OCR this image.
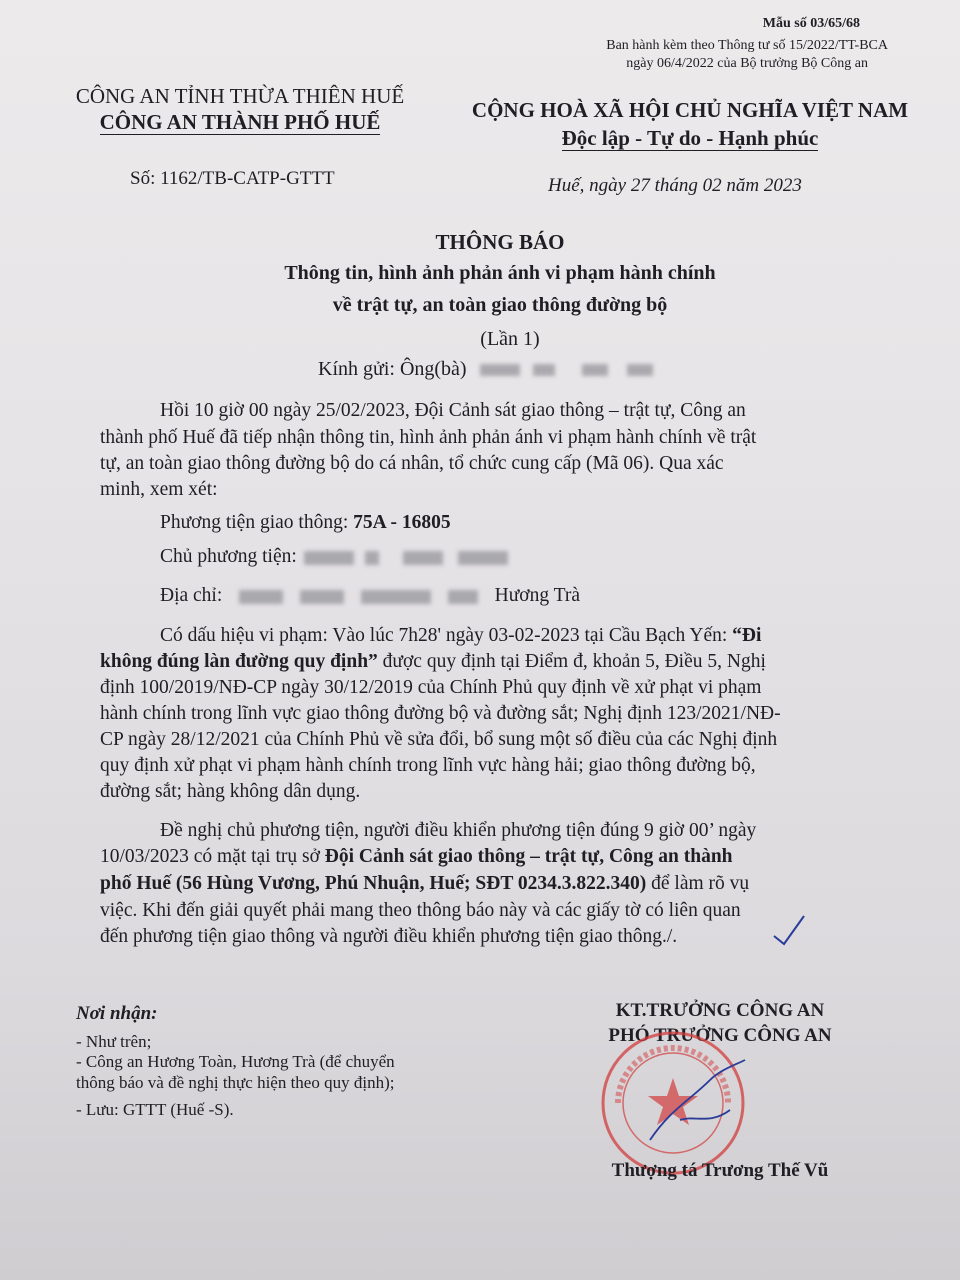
Mẫu số 03/65/68
Ban hành kèm theo Thông tư số 15/2022/TT-BCA
ngày 06/4/2022 của Bộ trưởng Bộ Công an
CÔNG AN TỈNH THỪA THIÊN HUẾ
CÔNG AN THÀNH PHỐ HUẾ	CỘNG HOÀ XÃ HỘI CHỦ NGHĨA VIỆT NAM
Độc lập - Tự do - Hạnh phúc
Số: 1162/TB-CATP-GTTT	Huế, ngày 27 tháng 02 năm 2023
THÔNG BÁO
Thông tin, hình ảnh phản ánh vi phạm hành chính
về trật tự, an toàn giao thông đường bộ
(Lần 1)
Kính gửi: Ông(bà)
Hồi 10 giờ 00 ngày 25/02/2023, Đội Cảnh sát giao thông – trật tự, Công an
thành phố Huế đã tiếp nhận thông tin, hình ảnh phản ánh vi phạm hành chính về trật
tự, an toàn giao thông đường bộ do cá nhân, tổ chức cung cấp (Mã 06). Qua xác
minh, xem xét:
Phương tiện giao thông: 75A - 16805
Chủ phương tiện:
Địa chỉ:	Hương Trà
Có dấu hiệu vi phạm: Vào lúc 7h28' ngày 03-02-2023 tại Cầu Bạch Yến: “Đi
không đúng làn đường quy định” được quy định tại Điểm đ, khoản 5, Điều 5, Nghị
định 100/2019/NĐ-CP ngày 30/12/2019 của Chính Phủ quy định về xử phạt vi phạm
hành chính trong lĩnh vực giao thông đường bộ và đường sắt; Nghị định 123/2021/NĐ-
CP ngày 28/12/2021 của Chính Phủ về sửa đổi, bổ sung một số điều của các Nghị định
quy định xử phạt vi phạm hành chính trong lĩnh vực hàng hải; giao thông đường bộ,
đường sắt; hàng không dân dụng.
Đề nghị chủ phương tiện, người điều khiển phương tiện đúng 9 giờ 00’ ngày
10/03/2023 có mặt tại trụ sở Đội Cảnh sát giao thông – trật tự, Công an thành
phố Huế (56 Hùng Vương, Phú Nhuận, Huế; SĐT 0234.3.822.340) để làm rõ vụ
việc. Khi đến giải quyết phải mang theo thông báo này và các giấy tờ có liên quan
đến phương tiện giao thông và người điều khiển phương tiện giao thông./.
Nơi nhận:
- Như trên;
- Công an Hương Toàn, Hương Trà (để chuyển
thông báo và đề nghị thực hiện theo quy định);
- Lưu: GTTT (Huế -S).
KT.TRƯỞNG CÔNG AN
PHÓ TRƯỞNG CÔNG AN
Thượng tá Trương Thế Vũ
